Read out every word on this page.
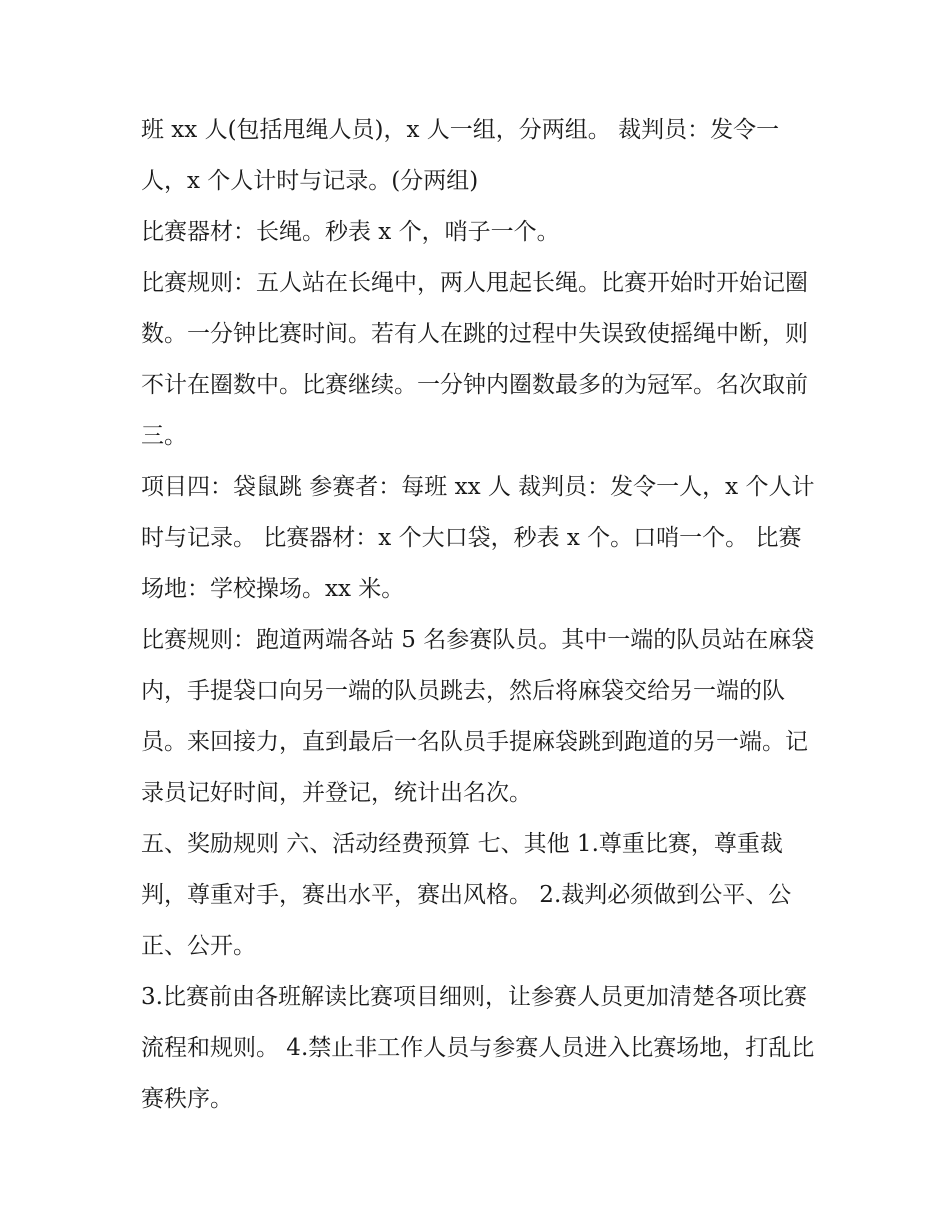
班 xx 人(包括甩绳人员)，x 人一组，分两组。 裁判员：发令一人，x 个人计时与记录。(分两组)

比赛器材：长绳。秒表 x 个，哨子一个。

比赛规则：五人站在长绳中，两人甩起长绳。比赛开始时开始记圈数。一分钟比赛时间。若有人在跳的过程中失误致使摇绳中断，则不计在圈数中。比赛继续。一分钟内圈数最多的为冠军。名次取前三。

项目四：袋鼠跳 参赛者：每班 xx 人 裁判员：发令一人，x 个人计时与记录。 比赛器材：x 个大口袋，秒表 x 个。口哨一个。 比赛场地：学校操场。xx 米。

比赛规则：跑道两端各站 5 名参赛队员。其中一端的队员站在麻袋内，手提袋口向另一端的队员跳去，然后将麻袋交给另一端的队员。来回接力，直到最后一名队员手提麻袋跳到跑道的另一端。记录员记好时间，并登记，统计出名次。

五、奖励规则 六、活动经费预算 七、其他 1.尊重比赛，尊重裁判，尊重对手，赛出水平，赛出风格。 2.裁判必须做到公平、公正、公开。

3.比赛前由各班解读比赛项目细则，让参赛人员更加清楚各项比赛流程和规则。 4.禁止非工作人员与参赛人员进入比赛场地，打乱比赛秩序。
